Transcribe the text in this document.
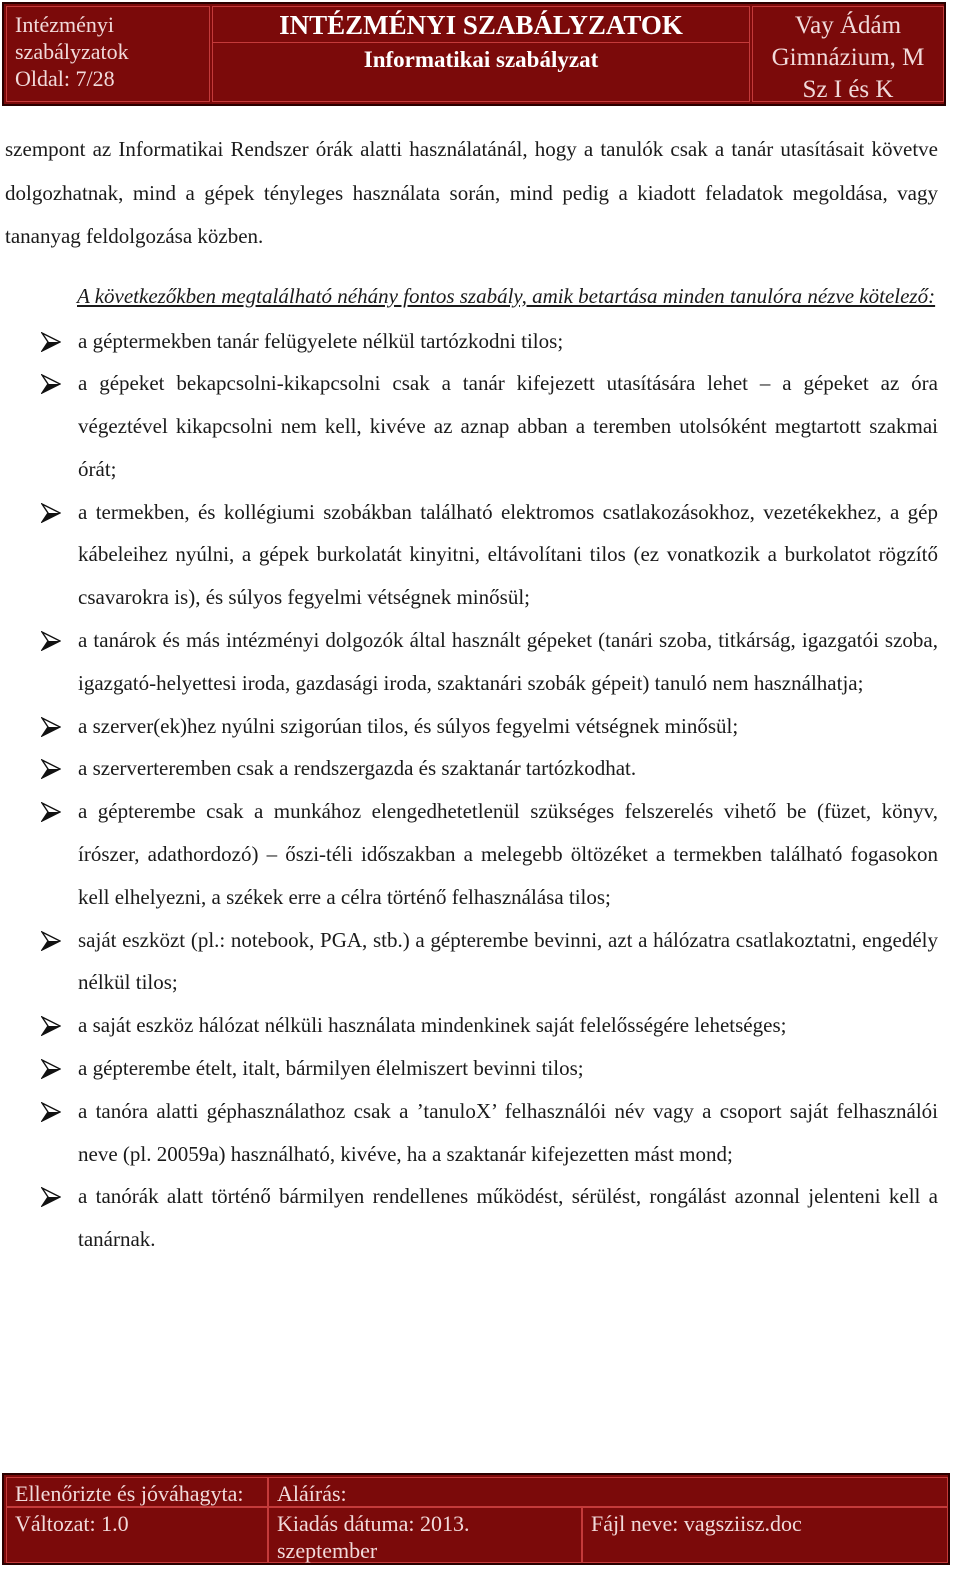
Intézményi
szabályzatok
Oldal: 7/28
INTÉZMÉNYI SZABÁLYZATOK
Informatikai szabályzat
Vay Ádám
Gimnázium, M
Sz I és K

szempont az Informatikai Rendszer órák alatti használatánál, hogy a tanulók csak a tanár utasításait követve dolgozhatnak, mind a gépek tényleges használata során, mind pedig a kiadott feladatok megoldása, vagy tananyag feldolgozása közben.

A következőkben megtalálható néhány fontos szabály, amik betartása minden tanulóra nézve kötelező:

a géptermekben tanár felügyelete nélkül tartózkodni tilos;
a gépeket bekapcsolni-kikapcsolni csak a tanár kifejezett utasítására lehet – a gépeket az óra végeztével kikapcsolni nem kell, kivéve az aznap abban a teremben utolsóként megtartott szakmai órát;
a termekben, és kollégiumi szobákban található elektromos csatlakozásokhoz, vezetékekhez, a gép kábeleihez nyúlni, a gépek burkolatát kinyitni, eltávolítani tilos (ez vonatkozik a burkolatot rögzítő csavarokra is), és súlyos fegyelmi vétségnek minősül;
a tanárok és más intézményi dolgozók által használt gépeket (tanári szoba, titkárság, igazgatói szoba, igazgató-helyettesi iroda, gazdasági iroda, szaktanári szobák gépeit) tanuló nem használhatja;
a szerver(ek)hez nyúlni szigorúan tilos, és súlyos fegyelmi vétségnek minősül;
a szerverteremben csak a rendszergazda és szaktanár tartózkodhat.
a gépterembe csak a munkához elengedhetetlenül szükséges felszerelés vihető be (füzet, könyv, írószer, adathordozó) – őszi-téli időszakban a melegebb öltözéket a termekben található fogasokon kell elhelyezni, a székek erre a célra történő felhasználása tilos;
saját eszközt (pl.: notebook, PGA, stb.) a gépterembe bevinni, azt a hálózatra csatlakoztatni, engedély nélkül tilos;
a saját eszköz hálózat nélküli használata mindenkinek saját felelősségére lehetséges;
a gépterembe ételt, italt, bármilyen élelmiszert bevinni tilos;
a tanóra alatti géphasználathoz csak a ’tanuloX’ felhasználói név vagy a csoport saját felhasználói neve (pl. 20059a) használható, kivéve, ha a szaktanár kifejezetten mást mond;
a tanórák alatt történő bármilyen rendellenes működést, sérülést, rongálást azonnal jelenteni kell a tanárnak.
Ellenőrizte és jóváhagyta:	Aláírás:
Változat: 1.0	Kiadás dátuma: 2013. szeptember
Fájl neve: vagsziisz.doc
